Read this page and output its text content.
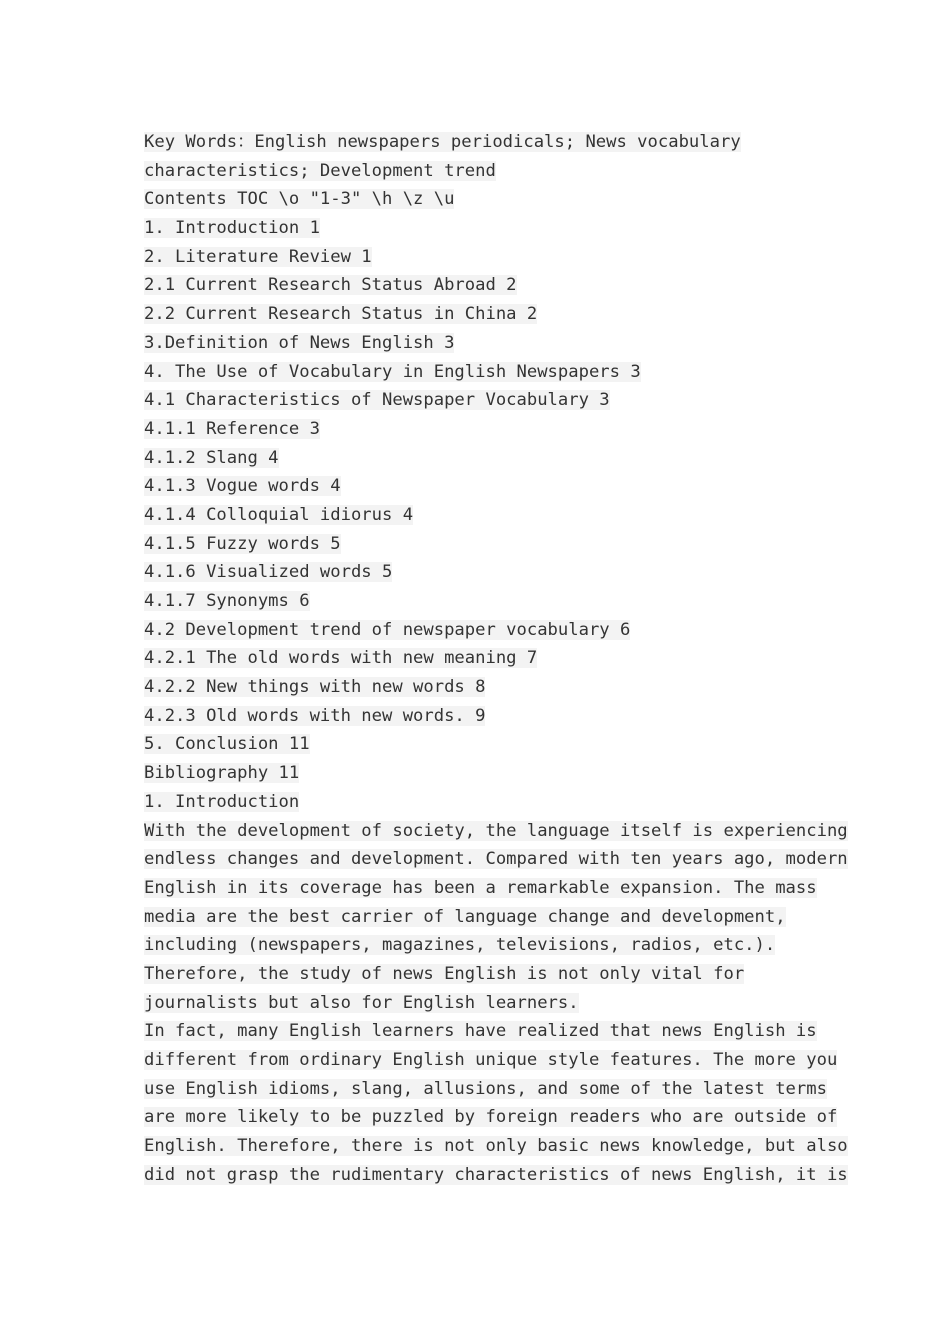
Key Words：English newspapers periodicals; News vocabulary
characteristics; Development trend
Contents TOC \o "1-3" \h \z \u
1. Introduction 1
2. Literature Review 1
2.1 Current Research Status Abroad 2
2.2 Current Research Status in China 2
3.Definition of News English 3
4. The Use of Vocabulary in English Newspapers 3
4.1 Characteristics of Newspaper Vocabulary 3
4.1.1 Reference 3
4.1.2 Slang 4
4.1.3 Vogue words 4
4.1.4 Colloquial idiorus 4
4.1.5 Fuzzy words 5
4.1.6 Visualized words 5
4.1.7 Synonyms 6
4.2 Development trend of newspaper vocabulary 6
4.2.1 The old words with new meaning 7
4.2.2 New things with new words 8
4.2.3 Old words with new words. 9
5. Conclusion 11
Bibliography 11
1. Introduction
With the development of society, the language itself is experiencing
endless changes and development. Compared with ten years ago, modern
English in its coverage has been a remarkable expansion. The mass
media are the best carrier of language change and development,
including (newspapers, magazines, televisions, radios, etc.).
Therefore, the study of news English is not only vital for
journalists but also for English learners.
In fact, many English learners have realized that news English is
different from ordinary English unique style features. The more you
use English idioms, slang, allusions, and some of the latest terms
are more likely to be puzzled by foreign readers who are outside of
English. Therefore, there is not only basic news knowledge, but also
did not grasp the rudimentary characteristics of news English, it is
